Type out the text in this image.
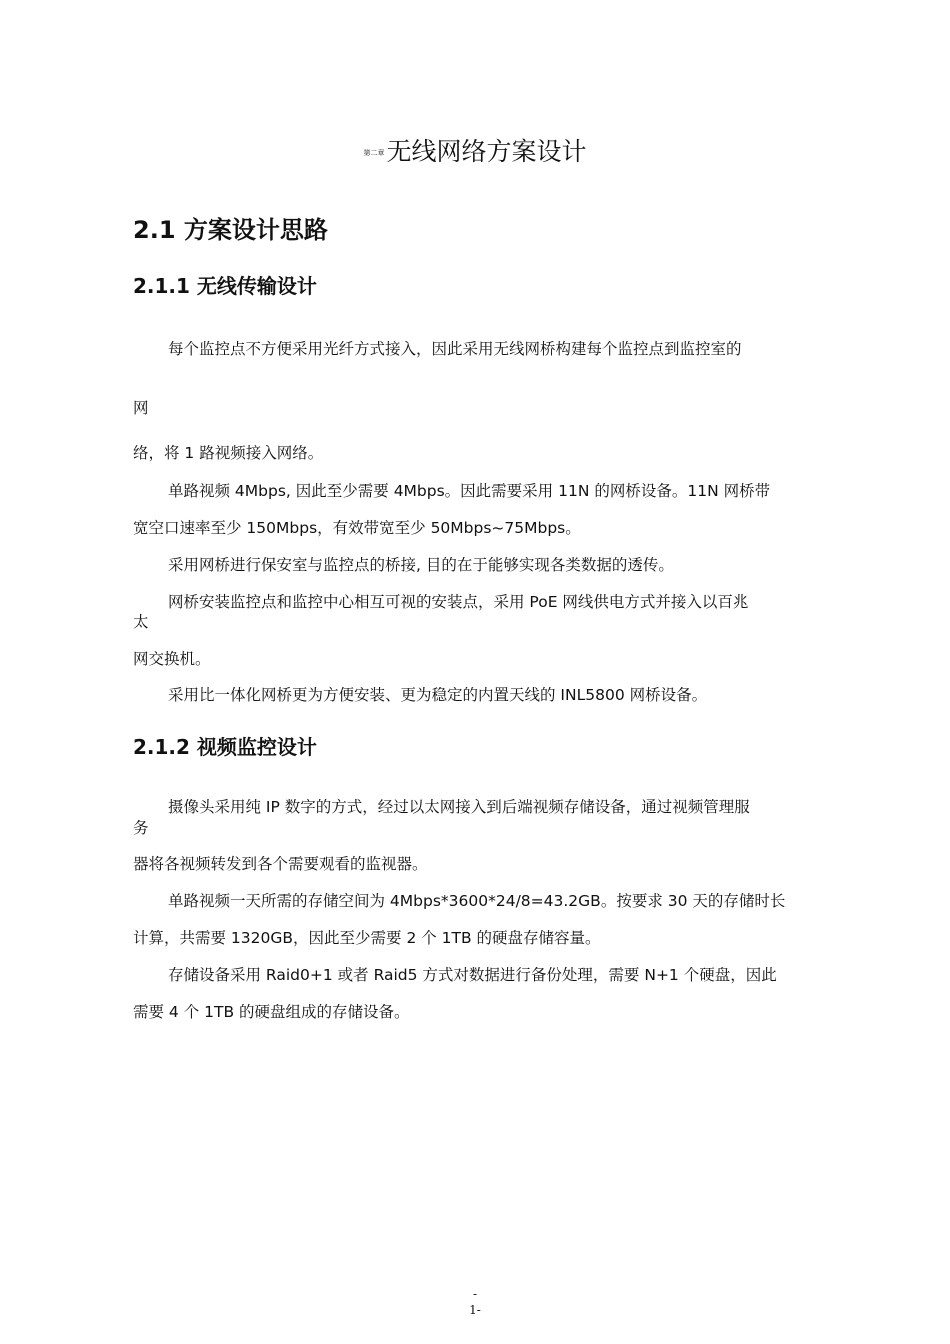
第二章无线网络方案设计
2.1 方案设计思路
2.1.1 无线传输设计
每个监控点不方便采用光纤方式接入，因此采用无线网桥构建每个监控点到监控室的
网
络，将 1 路视频接入网络。
单路视频 4Mbps, 因此至少需要 4Mbps。因此需要采用 11N 的网桥设备。11N 网桥带
宽空口速率至少 150Mbps，有效带宽至少 50Mbps~75Mbps。
采用网桥进行保安室与监控点的桥接, 目的在于能够实现各类数据的透传。
网桥安装监控点和监控中心相互可视的安装点，采用 PoE 网线供电方式并接入以百兆
太
网交换机。
采用比一体化网桥更为方便安装、更为稳定的内置天线的 INL5800 网桥设备。
2.1.2 视频监控设计
摄像头采用纯 IP 数字的方式，经过以太网接入到后端视频存储设备，通过视频管理服
务
器将各视频转发到各个需要观看的监视器。
单路视频一天所需的存储空间为 4Mbps*3600*24/8=43.2GB。按要求 30 天的存储时长
计算，共需要 1320GB，因此至少需要 2 个 1TB 的硬盘存储容量。
存储设备采用 Raid0+1 或者 Raid5 方式对数据进行备份处理，需要 N+1 个硬盘，因此
需要 4 个 1TB 的硬盘组成的存储设备。
-
1-
